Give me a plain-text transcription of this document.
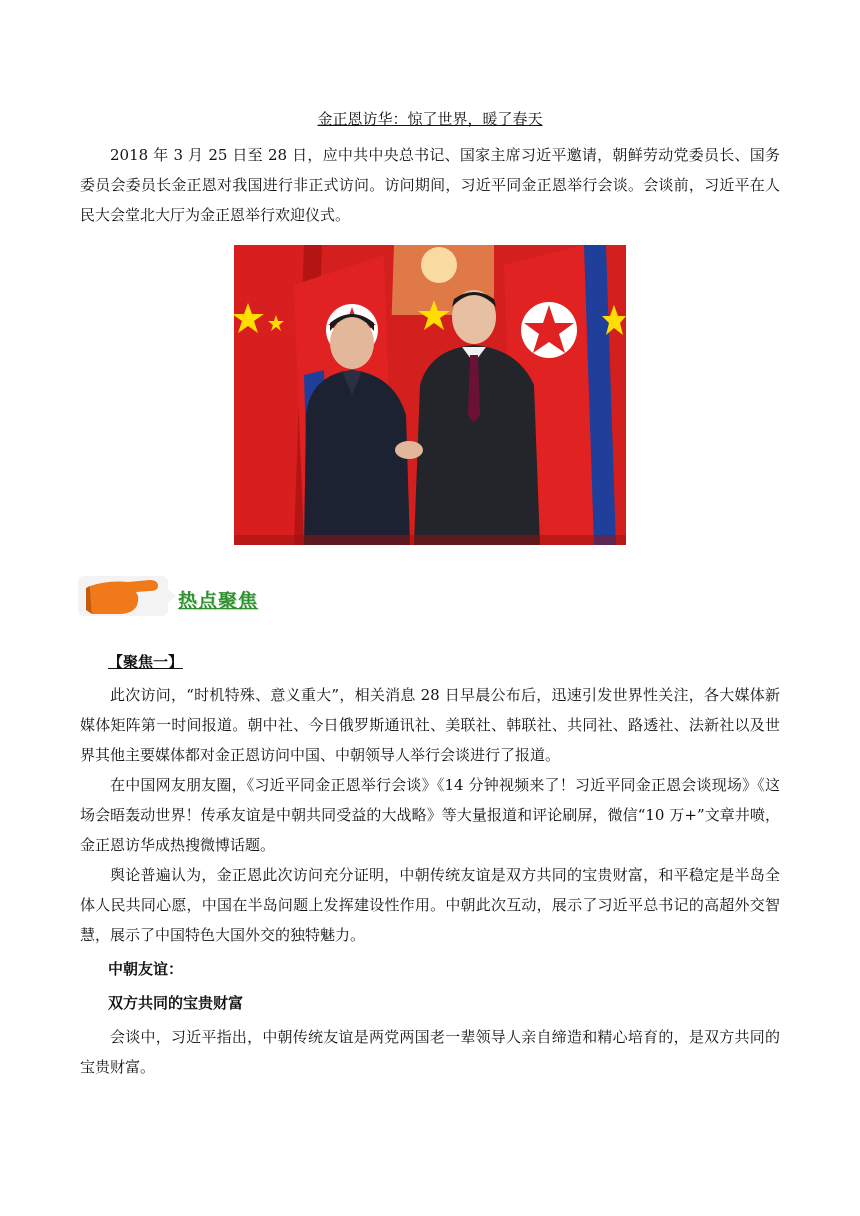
金正恩访华：惊了世界，暖了春天

2018 年 3 月 25 日至 28 日，应中共中央总书记、国家主席习近平邀请，朝鲜劳动党委员长、国务委员会委员长金正恩对我国进行非正式访问。访问期间，习近平同金正恩举行会谈。会谈前，习近平在人民大会堂北大厅为金正恩举行欢迎仪式。

热点聚焦
【聚焦一】

此次访问，“时机特殊、意义重大”，相关消息 28 日早晨公布后，迅速引发世界性关注，各大媒体新媒体矩阵第一时间报道。朝中社、今日俄罗斯通讯社、美联社、韩联社、共同社、路透社、法新社以及世界其他主要媒体都对金正恩访问中国、中朝领导人举行会谈进行了报道。

在中国网友朋友圈，《习近平同金正恩举行会谈》《14 分钟视频来了！习近平同金正恩会谈现场》《这场会晤轰动世界！传承友谊是中朝共同受益的大战略》等大量报道和评论刷屏，微信“10 万+”文章井喷，金正恩访华成热搜微博话题。

舆论普遍认为，金正恩此次访问充分证明，中朝传统友谊是双方共同的宝贵财富，和平稳定是半岛全体人民共同心愿，中国在半岛问题上发挥建设性作用。中朝此次互动，展示了习近平总书记的高超外交智慧，展示了中国特色大国外交的独特魅力。

中朝友谊：
双方共同的宝贵财富

会谈中，习近平指出，中朝传统友谊是两党两国老一辈领导人亲自缔造和精心培育的，是双方共同的宝贵财富。
